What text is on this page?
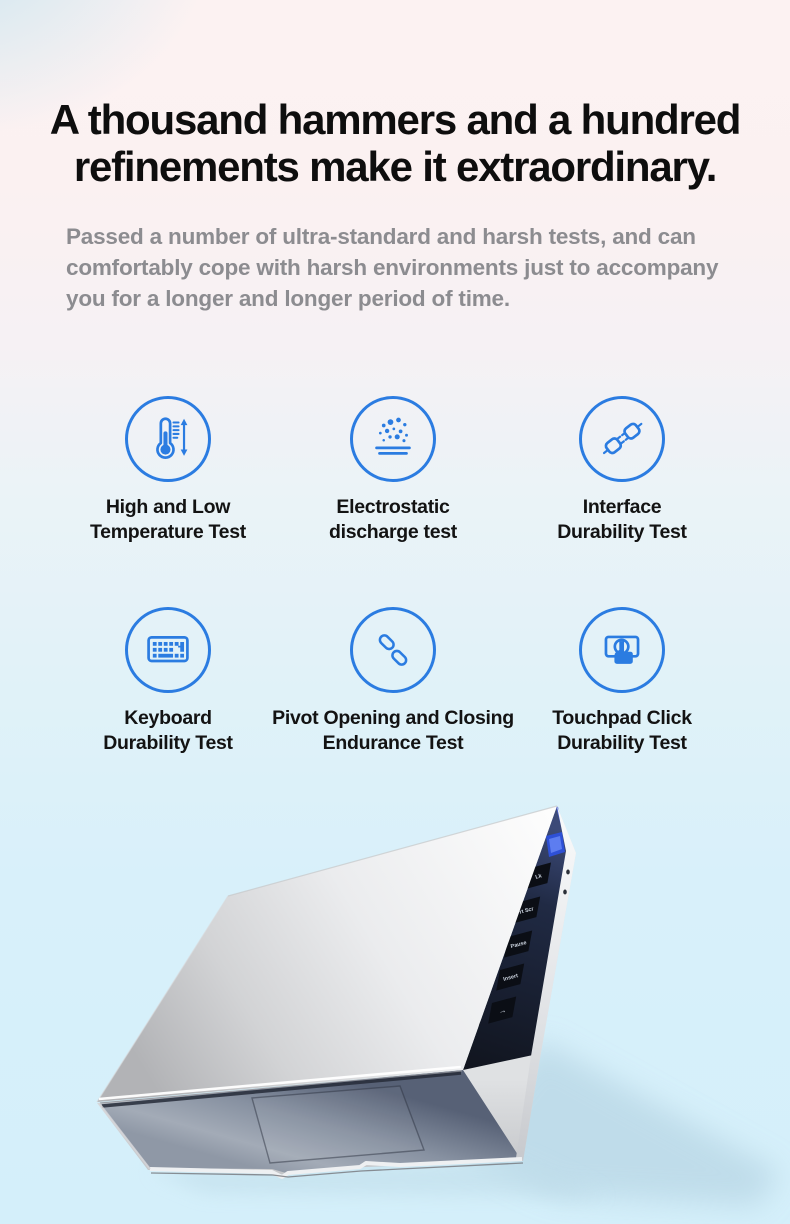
A thousand hammers and a hundred
refinements make it extraordinary.
Passed a number of ultra-standard and harsh tests, and can
comfortably cope with harsh environments just to accompany
you for a longer and longer period of time.
High and Low
Temperature Test
Electrostatic
discharge test
Interface
Durability Test
Keyboard
Durability Test
Pivot Opening and Closing
Endurance Test
Touchpad Click
Durability Test
Lk
rt Scr
Pause
Insert
→
